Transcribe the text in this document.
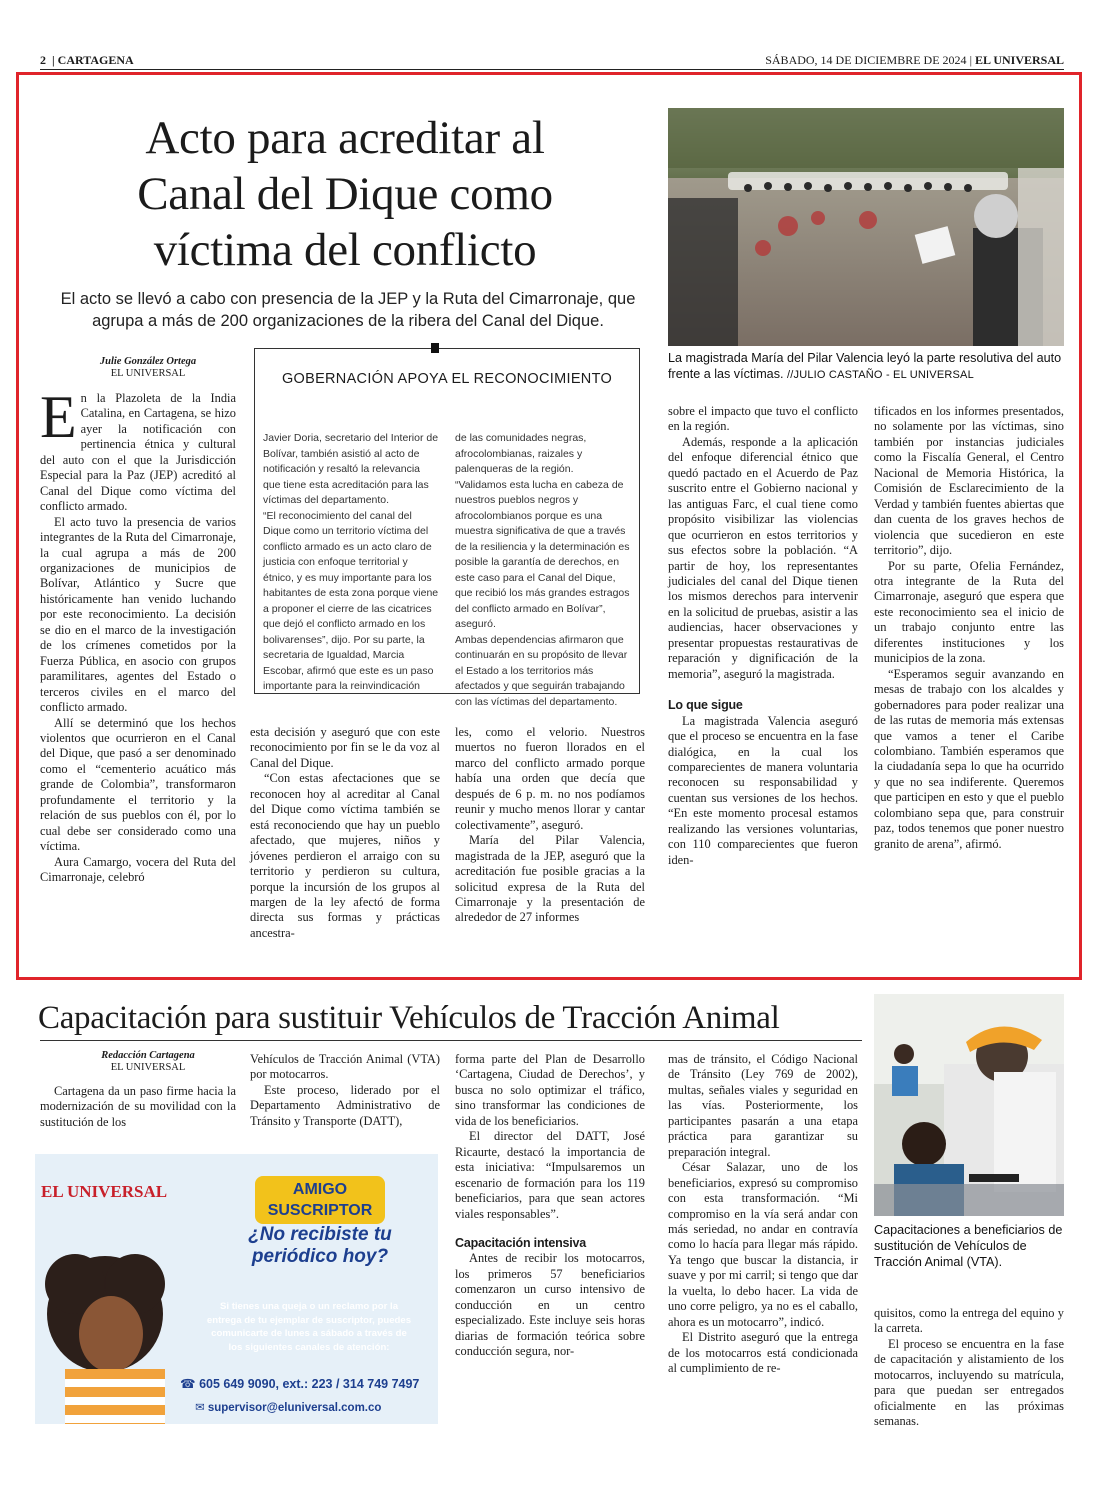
2  | CARTAGENA	SÁBADO, 14 DE DICIEMBRE DE 2024 | EL UNIVERSAL
Acto para acreditar al
Canal del Dique como
víctima del conflicto
El acto se llevó a cabo con presencia de la JEP y la Ruta del Cimarronaje, que
agrupa a más de 200 organizaciones de la ribera del Canal del Dique.
La magistrada María del Pilar Valencia leyó la parte resolutiva del auto frente a las víctimas. //JULIO CASTAÑO - EL UNIVERSAL
Julie González Ortega
EL UNIVERSAL

En la Plazoleta de la India Catalina, en Cartagena, se hizo ayer la notificación con pertinencia étnica y cultural del auto con el que la Jurisdicción Especial para la Paz (JEP) acreditó al Canal del Dique como víctima del conflicto armado.

El acto tuvo la presencia de varios integrantes de la Ruta del Cimarronaje, la cual agrupa a más de 200 organizaciones de municipios de Bolívar, Atlántico y Sucre que históricamente han venido luchando por este reconocimiento. La decisión se dio en el marco de la investigación de los crímenes cometidos por la Fuerza Pública, en asocio con grupos paramilitares, agentes del Estado o terceros civiles en el marco del conflicto armado.

Allí se determinó que los hechos violentos que ocurrieron en el Canal del Dique, que pasó a ser denominado como el “cementerio acuático más grande de Colombia”, transformaron profundamente el territorio y la relación de sus pueblos con él, por lo cual debe ser considerado como una víctima.

Aura Camargo, vocera del Ruta del Cimarronaje, celebró

GOBERNACIÓN APOYA EL RECONOCIMIENTO
Javier Doria, secretario del Interior de Bolívar, también asistió al acto de notificación y resaltó la relevancia que tiene esta acreditación para las víctimas del departamento.
“El reconocimiento del canal del Dique como un territorio víctima del conflicto armado es un acto claro de justicia con enfoque territorial y étnico, y es muy importante para los habitantes de esta zona porque viene a proponer el cierre de las cicatrices que dejó el conflicto armado en los bolivarenses”, dijo. Por su parte, la secretaria de Igualdad, Marcia Escobar, afirmó que este es un paso importante para la reinvindicación
de las comunidades negras, afrocolombianas, raizales y palenqueras de la región.
“Validamos esta lucha en cabeza de nuestros pueblos negros y afrocolombianos porque es una muestra significativa de que a través de la resiliencia y la determinación es posible la garantía de derechos, en este caso para el Canal del Dique, que recibió los más grandes estragos del conflicto armado en Bolívar”, aseguró.
Ambas dependencias afirmaron que continuarán en su propósito de llevar el Estado a los territorios más afectados y que seguirán trabajando con las víctimas del departamento.

esta decisión y aseguró que con este reconocimiento por fin se le da voz al Canal del Dique.

“Con estas afectaciones que se reconocen hoy al acreditar al Canal del Dique como víctima también se está reconociendo que hay un pueblo afectado, que mujeres, niños y jóvenes perdieron el arraigo con su territorio y perdieron su cultura, porque la incursión de los grupos al margen de la ley afectó de forma directa sus formas y prácticas ancestra-

les, como el velorio. Nuestros muertos no fueron llorados en el marco del conflicto armado porque había una orden que decía que después de 6 p. m. no nos podíamos reunir y mucho menos llorar y cantar colectivamente”, aseguró.

María del Pilar Valencia, magistrada de la JEP, aseguró que la acreditación fue posible gracias a la solicitud expresa de la Ruta del Cimarronaje y la presentación de alrededor de 27 informes

sobre el impacto que tuvo el conflicto en la región.

Además, responde a la aplicación del enfoque diferencial étnico que quedó pactado en el Acuerdo de Paz suscrito entre el Gobierno nacional y las antiguas Farc, el cual tiene como propósito visibilizar las violencias que ocurrieron en estos territorios y sus efectos sobre la población. “A partir de hoy, los representantes judiciales del canal del Dique tienen los mismos derechos para intervenir en la solicitud de pruebas, asistir a las audiencias, hacer observaciones y presentar propuestas restaurativas de reparación y dignificación de la memoria”, aseguró la magistrada.

Lo que sigue

La magistrada Valencia aseguró que el proceso se encuentra en la fase dialógica, en la cual los comparecientes de manera voluntaria reconocen su responsabilidad y cuentan sus versiones de los hechos. “En este momento procesal estamos realizando las versiones voluntarias, con 110 comparecientes que fueron iden-

tificados en los informes presentados, no solamente por las víctimas, sino también por instancias judiciales como la Fiscalía General, el Centro Nacional de Memoria Histórica, la Comisión de Esclarecimiento de la Verdad y también fuentes abiertas que dan cuenta de los graves hechos de violencia que sucedieron en este territorio”, dijo.

Por su parte, Ofelia Fernández, otra integrante de la Ruta del Cimarronaje, aseguró que espera que este reconocimiento sea el inicio de un trabajo conjunto entre las diferentes instituciones y los municipios de la zona.

“Esperamos seguir avanzando en mesas de trabajo con los alcaldes y gobernadores para poder realizar una de las rutas de memoria más extensas que vamos a tener el Caribe colombiano. También esperamos que la ciudadanía sepa lo que ha ocurrido y que no sea indiferente. Queremos que participen en esto y que el pueblo colombiano sepa que, para construir paz, todos tenemos que poner nuestro granito de arena”, afirmó.

Capacitación para sustituir Vehículos de Tracción Animal
Capacitaciones a beneficiarios de sustitución de Vehículos de Tracción Animal (VTA).
Redacción Cartagena
EL UNIVERSAL

Cartagena da un paso firme hacia la modernización de su movilidad con la sustitución de los

Vehículos de Tracción Animal (VTA) por motocarros.

Este proceso, liderado por el Departamento Administrativo de Tránsito y Transporte (DATT),

forma parte del Plan de Desarrollo ‘Cartagena, Ciudad de Derechos’, y busca no solo optimizar el tráfico, sino transformar las condiciones de vida de los beneficiarios.

El director del DATT, José Ricaurte, destacó la importancia de esta iniciativa: “Impulsaremos un escenario de formación para los 119 beneficiarios, para que sean actores viales responsables”.

Capacitación intensiva

Antes de recibir los motocarros, los primeros 57 beneficiarios comenzaron un curso intensivo de conducción en un centro especializado. Este incluye seis horas diarias de formación teórica sobre conducción segura, nor-

mas de tránsito, el Código Nacional de Tránsito (Ley 769 de 2002), multas, señales viales y seguridad en las vías. Posteriormente, los participantes pasarán a una etapa práctica para garantizar su preparación integral.

César Salazar, uno de los beneficiarios, expresó su compromiso con esta transformación. “Mi compromiso en la vía será andar con más seriedad, no andar en contravía como lo hacía para llegar más rápido. Ya tengo que buscar la distancia, ir suave y por mi carril; si tengo que dar la vuelta, lo debo hacer. La vida de uno corre peligro, ya no es el caballo, ahora es un motocarro”, indicó.

El Distrito aseguró que la entrega de los motocarros está condicionada al cumplimiento de re-

quisitos, como la entrega del equino y la carreta.

El proceso se encuentra en la fase de capacitación y alistamiento de los motocarros, incluyendo su matrícula, para que puedan ser entregados oficialmente en las próximas semanas.

EL UNIVERSAL	AMIGO
SUSCRIPTOR
¿No recibiste tu
periódico hoy?
Si tienes una queja o un reclamo por la
entrega de tu ejemplar de suscriptor, puedes
comunicarte de lunes a sábado a través de
los siguientes canales de atención:
☎ 605 649 9090, ext.: 223 / 314 749 7497
✉ supervisor@eluniversal.com.co
